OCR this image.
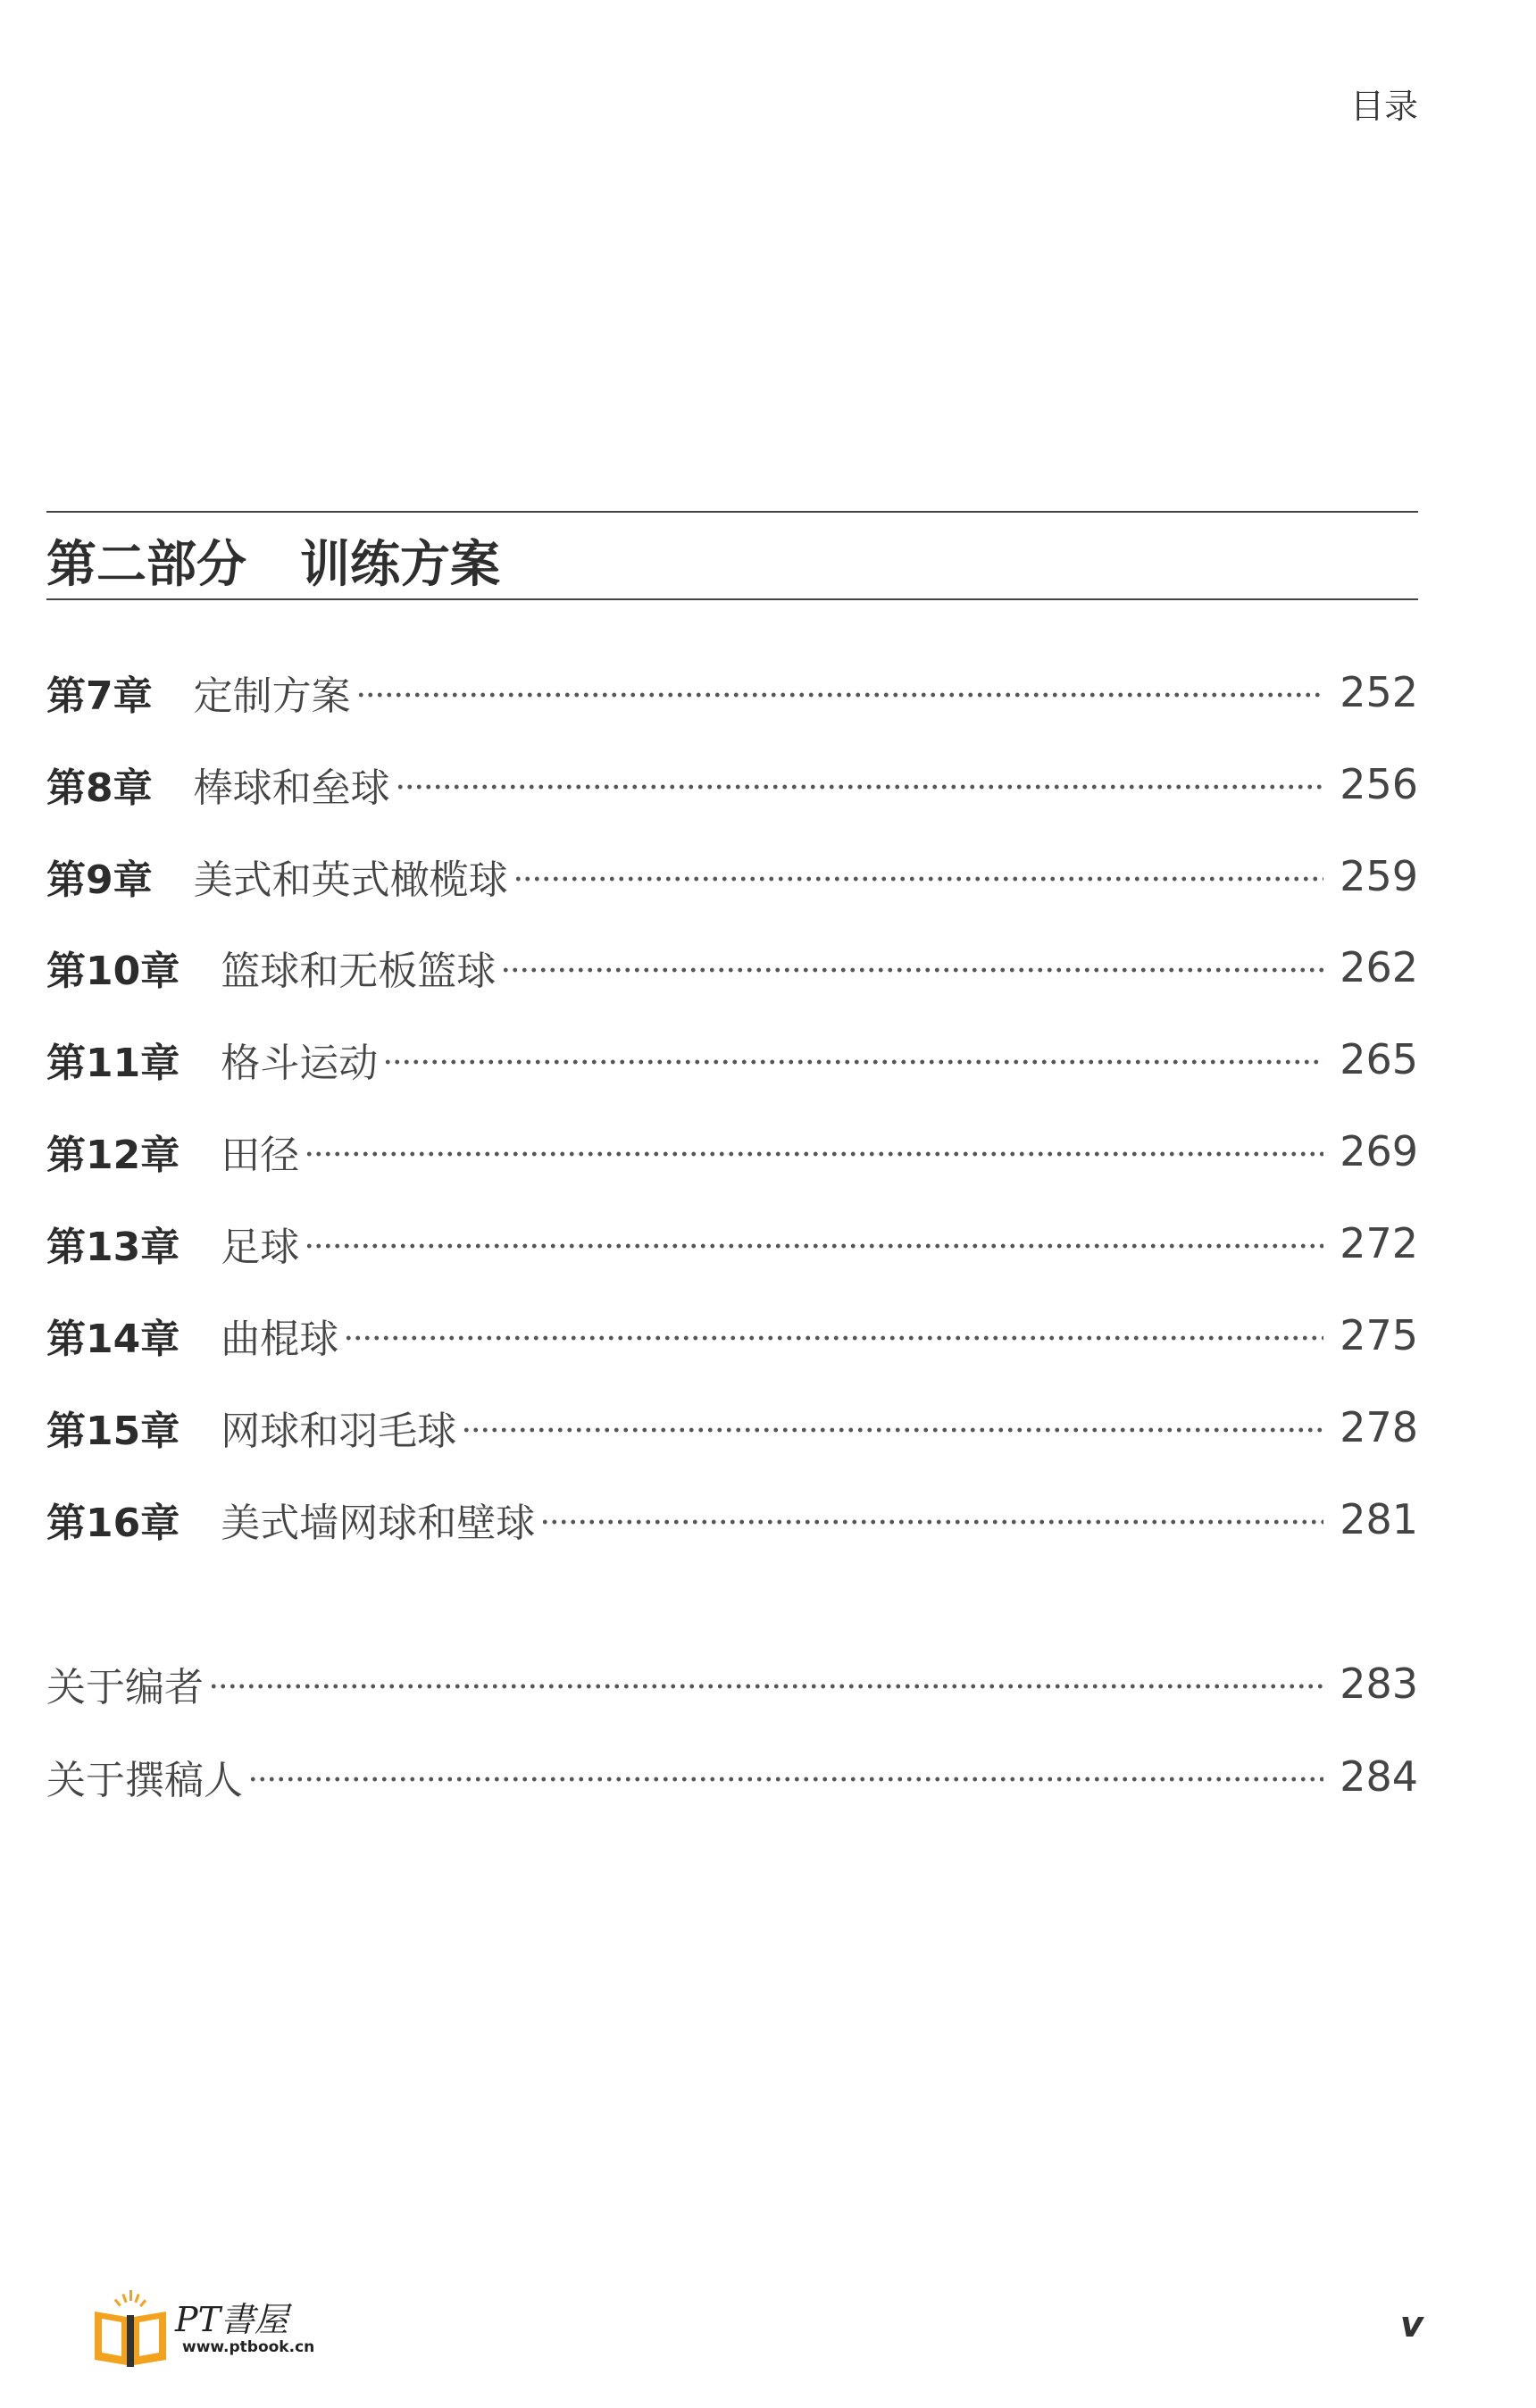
目录
第二部分 训练方案
第7章 定制方案	252
第8章 棒球和垒球	256
第9章 美式和英式橄榄球	259
第10章 篮球和无板篮球	262
第11章 格斗运动	265
第12章 田径	269
第13章 足球	272
第14章 曲棍球	275
第15章 网球和羽毛球	278
第16章 美式墙网球和壁球	281
关于编者	283
关于撰稿人	284
PT書屋
www.ptbook.cn
v
